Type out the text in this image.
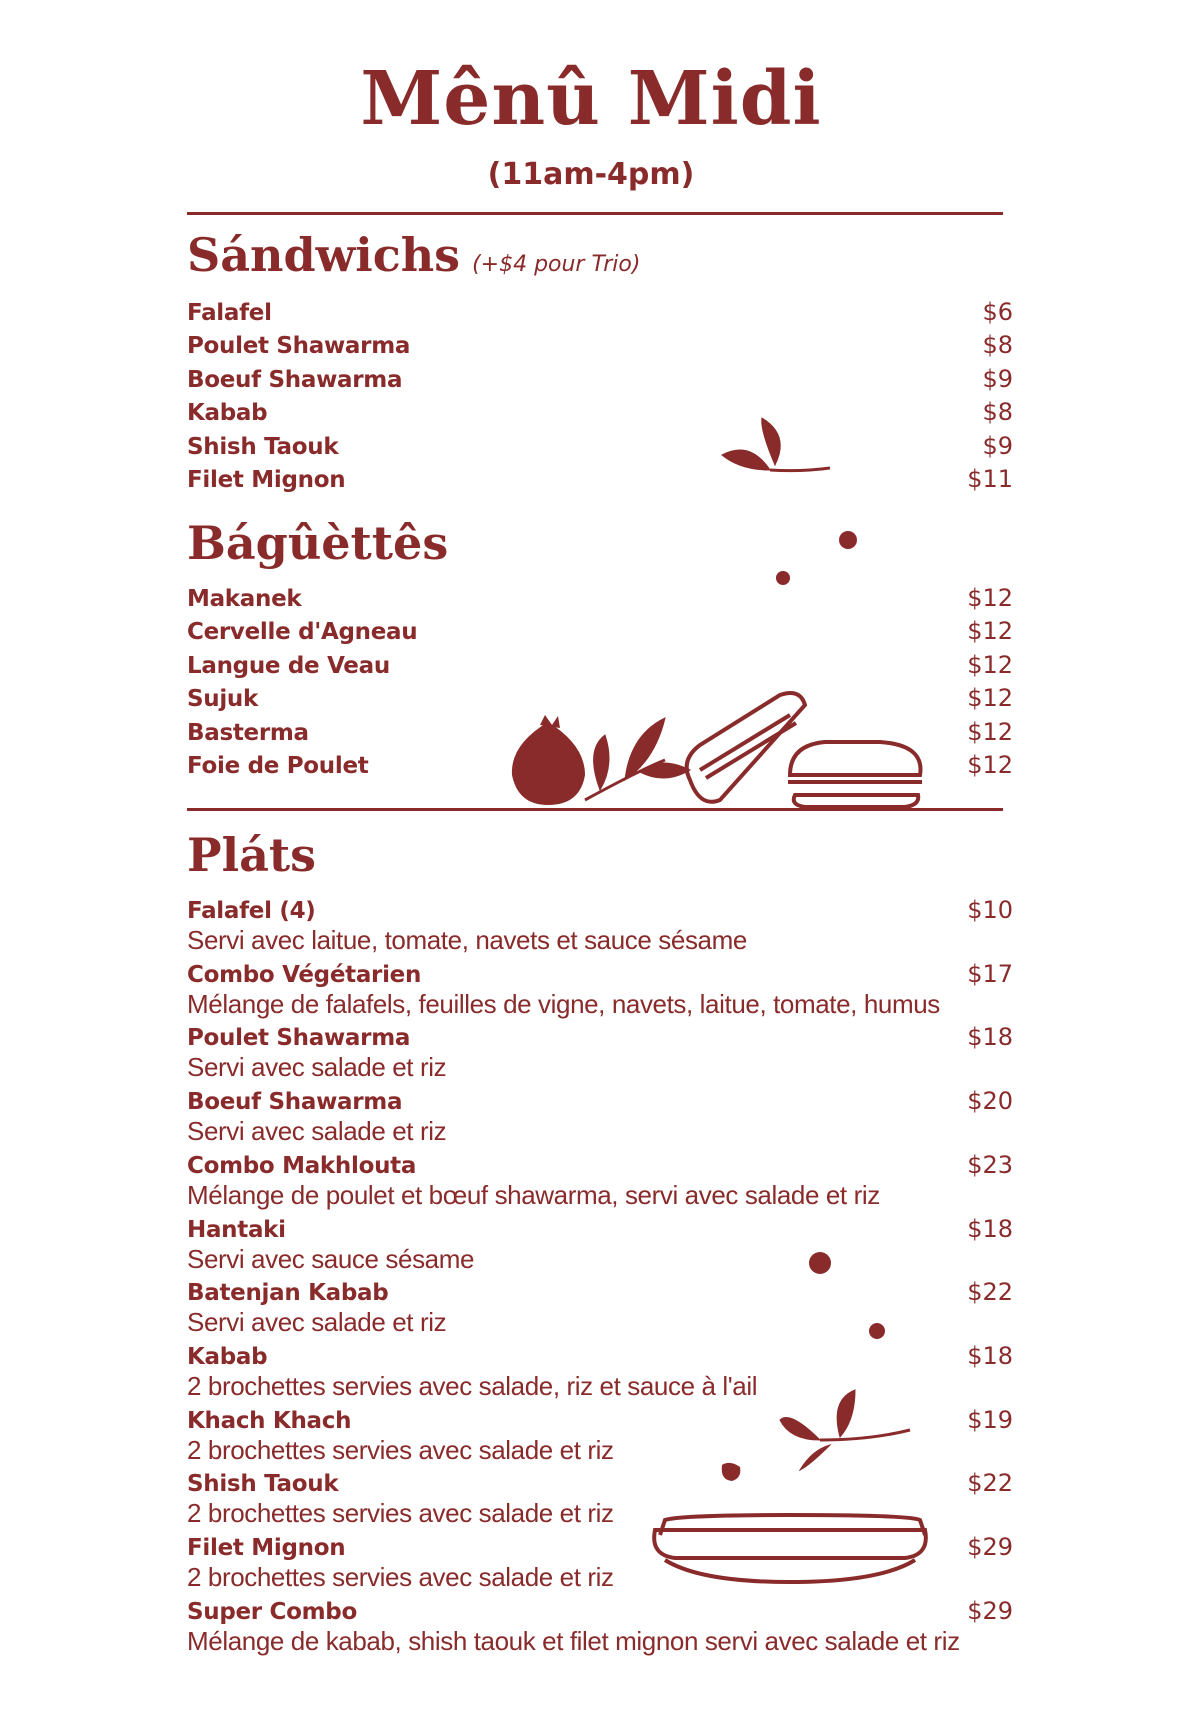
Mênû Midi
(11am-4pm)
Sándwichs (+$4 pour Trio)
Falafel	$6
Poulet Shawarma	$8
Boeuf Shawarma	$9
Kabab	$8
Shish Taouk	$9
Filet Mignon	$11
Bágûèttês
Makanek	$12
Cervelle d'Agneau	$12
Langue de Veau	$12
Sujuk	$12
Basterma	$12
Foie de Poulet	$12
Pláts
Falafel (4)	$10
Servi avec laitue, tomate, navets et sauce sésame
Combo Végétarien	$17
Mélange de falafels, feuilles de vigne, navets, laitue, tomate, humus
Poulet Shawarma	$18
Servi avec salade et riz
Boeuf Shawarma	$20
Servi avec salade et riz
Combo Makhlouta	$23
Mélange de poulet et bœuf shawarma, servi avec salade et riz
Hantaki	$18
Servi avec sauce sésame
Batenjan Kabab	$22
Servi avec salade et riz
Kabab	$18
2 brochettes servies avec salade, riz et sauce à l'ail
Khach Khach	$19
2 brochettes servies avec salade et riz
Shish Taouk	$22
2 brochettes servies avec salade et riz
Filet Mignon	$29
2 brochettes servies avec salade et riz
Super Combo	$29
Mélange de kabab, shish taouk et filet mignon servi avec salade et riz
